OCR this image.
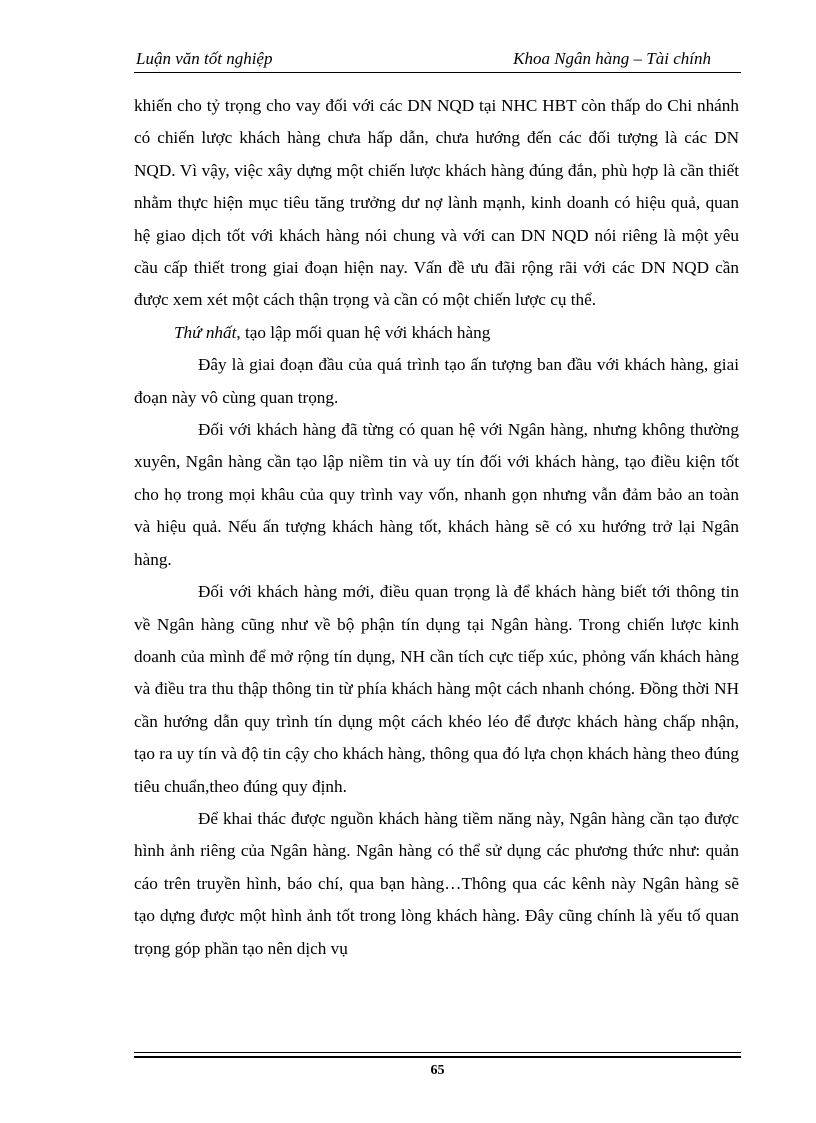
Luận văn tốt nghiệp	Khoa Ngân hàng – Tài chính

khiến cho tỷ trọng cho vay đối với các DN NQD tại NHC HBT còn thấp do Chi nhánh có chiến lược khách hàng chưa hấp dẫn, chưa hướng đến các đối tượng là các DN NQD. Vì vậy, việc xây dựng một chiến lược khách hàng đúng đắn, phù hợp là cần thiết nhằm thực hiện mục tiêu tăng trưởng dư nợ lành mạnh, kinh doanh có hiệu quả, quan hệ giao dịch tốt với khách hàng nói chung và với can DN NQD nói riêng là một yêu cầu cấp thiết trong giai đoạn hiện nay. Vấn đề ưu đãi rộng rãi với các DN NQD cần được xem xét một cách thận trọng và cần có một chiến lược cụ thể.

Thứ nhất, tạo lập mối quan hệ với khách hàng

Đây là giai đoạn đầu của quá trình tạo ấn tượng ban đầu với khách hàng, giai đoạn này vô cùng quan trọng.

Đối với khách hàng đã từng có quan hệ với Ngân hàng, nhưng không thường xuyên, Ngân hàng cần tạo lập niềm tin và uy tín đối với khách hàng, tạo điều kiện tốt cho họ trong mọi khâu của quy trình vay vốn, nhanh gọn nhưng vẫn đảm bảo an toàn và hiệu quả. Nếu ấn tượng khách hàng tốt, khách hàng sẽ có xu hướng trở lại Ngân hàng.

Đối với khách hàng mới, điều quan trọng là để khách hàng biết tới thông tin về Ngân hàng cũng như về bộ phận tín dụng tại Ngân hàng. Trong chiến lược kinh doanh của mình để mở rộng tín dụng, NH cần tích cực tiếp xúc, phỏng vấn khách hàng và điều tra thu thập thông tin từ phía khách hàng một cách nhanh chóng. Đồng thời NH cần hướng dẫn quy trình tín dụng một cách khéo léo để được khách hàng chấp nhận, tạo ra uy tín và độ tin cậy cho khách hàng, thông qua đó lựa chọn khách hàng theo đúng tiêu chuẩn,theo đúng quy định.

Để khai thác được nguồn khách hàng tiềm năng này, Ngân hàng cần tạo được hình ảnh riêng của Ngân hàng. Ngân hàng có thể sử dụng các phương thức như: quản cáo trên truyền hình, báo chí, qua bạn hàng…Thông qua các kênh này Ngân hàng sẽ tạo dựng được một hình ảnh tốt trong lòng khách hàng. Đây cũng chính là yếu tố quan trọng góp phần tạo nên dịch vụ

65
